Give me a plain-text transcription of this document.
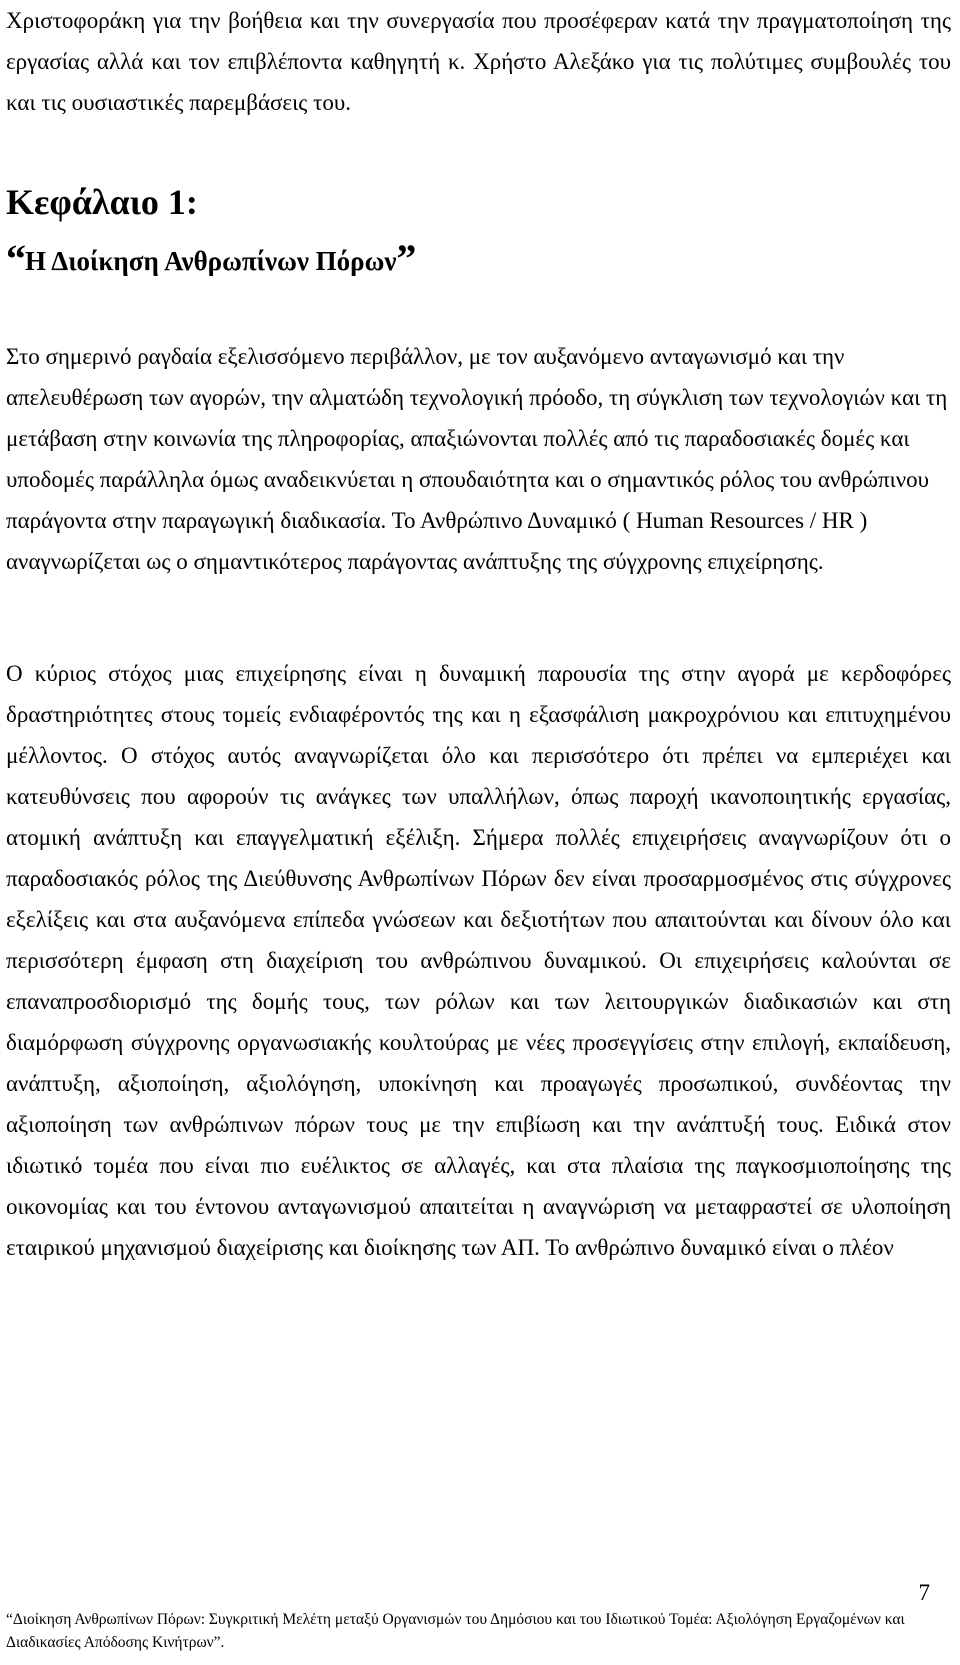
Χριστοφοράκη για την βοήθεια και την συνεργασία που προσέφεραν κατά την πραγματοποίηση της εργασίας αλλά και τον επιβλέποντα καθηγητή κ. Χρήστο Αλεξάκο για τις πολύτιμες συμβουλές του και τις ουσιαστικές παρεμβάσεις του.

Κεφάλαιο 1:
“Η Διοίκηση Ανθρωπίνων Πόρων”

Στο σημερινό ραγδαία εξελισσόμενο περιβάλλον, με τον αυξανόμενο ανταγωνισμό και την απελευθέρωση των αγορών, την αλματώδη τεχνολογική πρόοδο, τη σύγκλιση των τεχνολογιών και τη μετάβαση στην κοινωνία της πληροφορίας, απαξιώνονται πολλές από τις παραδοσιακές δομές και υποδομές παράλληλα όμως αναδεικνύεται η σπουδαιότητα και ο σημαντικός ρόλος του ανθρώπινου παράγοντα στην παραγωγική διαδικασία. Το Ανθρώπινο Δυναμικό ( Human Resources / HR ) αναγνωρίζεται ως ο σημαντικότερος παράγοντας ανάπτυξης της σύγχρονης επιχείρησης.

Ο κύριος στόχος μιας επιχείρησης είναι η δυναμική παρουσία της στην αγορά με κερδοφόρες δραστηριότητες στους τομείς ενδιαφέροντός της και η εξασφάλιση μακροχρόνιου και επιτυχημένου μέλλοντος. Ο στόχος αυτός αναγνωρίζεται όλο και περισσότερο ότι πρέπει να εμπεριέχει και κατευθύνσεις που αφορούν τις ανάγκες των υπαλλήλων, όπως παροχή ικανοποιητικής εργασίας, ατομική ανάπτυξη και επαγγελματική εξέλιξη. Σήμερα πολλές επιχειρήσεις αναγνωρίζουν ότι ο παραδοσιακός ρόλος της Διεύθυνσης Ανθρωπίνων Πόρων δεν είναι προσαρμοσμένος στις σύγχρονες εξελίξεις και στα αυξανόμενα επίπεδα γνώσεων και δεξιοτήτων που απαιτούνται και δίνουν όλο και περισσότερη έμφαση στη διαχείριση του ανθρώπινου δυναμικού. Οι επιχειρήσεις καλούνται σε επαναπροσδιορισμό της δομής τους, των ρόλων και των λειτουργικών διαδικασιών και στη διαμόρφωση σύγχρονης οργανωσιακής κουλτούρας με νέες προσεγγίσεις στην επιλογή, εκπαίδευση, ανάπτυξη, αξιοποίηση, αξιολόγηση, υποκίνηση και προαγωγές προσωπικού, συνδέοντας την αξιοποίηση των ανθρώπινων πόρων τους με την επιβίωση και την ανάπτυξή τους. Ειδικά στον ιδιωτικό τομέα που είναι πιο ευέλικτος σε αλλαγές, και στα πλαίσια της παγκοσμιοποίησης της οικονομίας και του έντονου ανταγωνισμού απαιτείται η αναγνώριση να μεταφραστεί σε υλοποίηση εταιρικού μηχανισμού διαχείρισης και διοίκησης των ΑΠ. Το ανθρώπινο δυναμικό είναι ο πλέον

7

“Διοίκηση Ανθρωπίνων Πόρων: Συγκριτική Μελέτη μεταξύ Οργανισμών του Δημόσιου και του Ιδιωτικού Τομέα: Αξιολόγηση Εργαζομένων και Διαδικασίες Απόδοσης Κινήτρων”.
